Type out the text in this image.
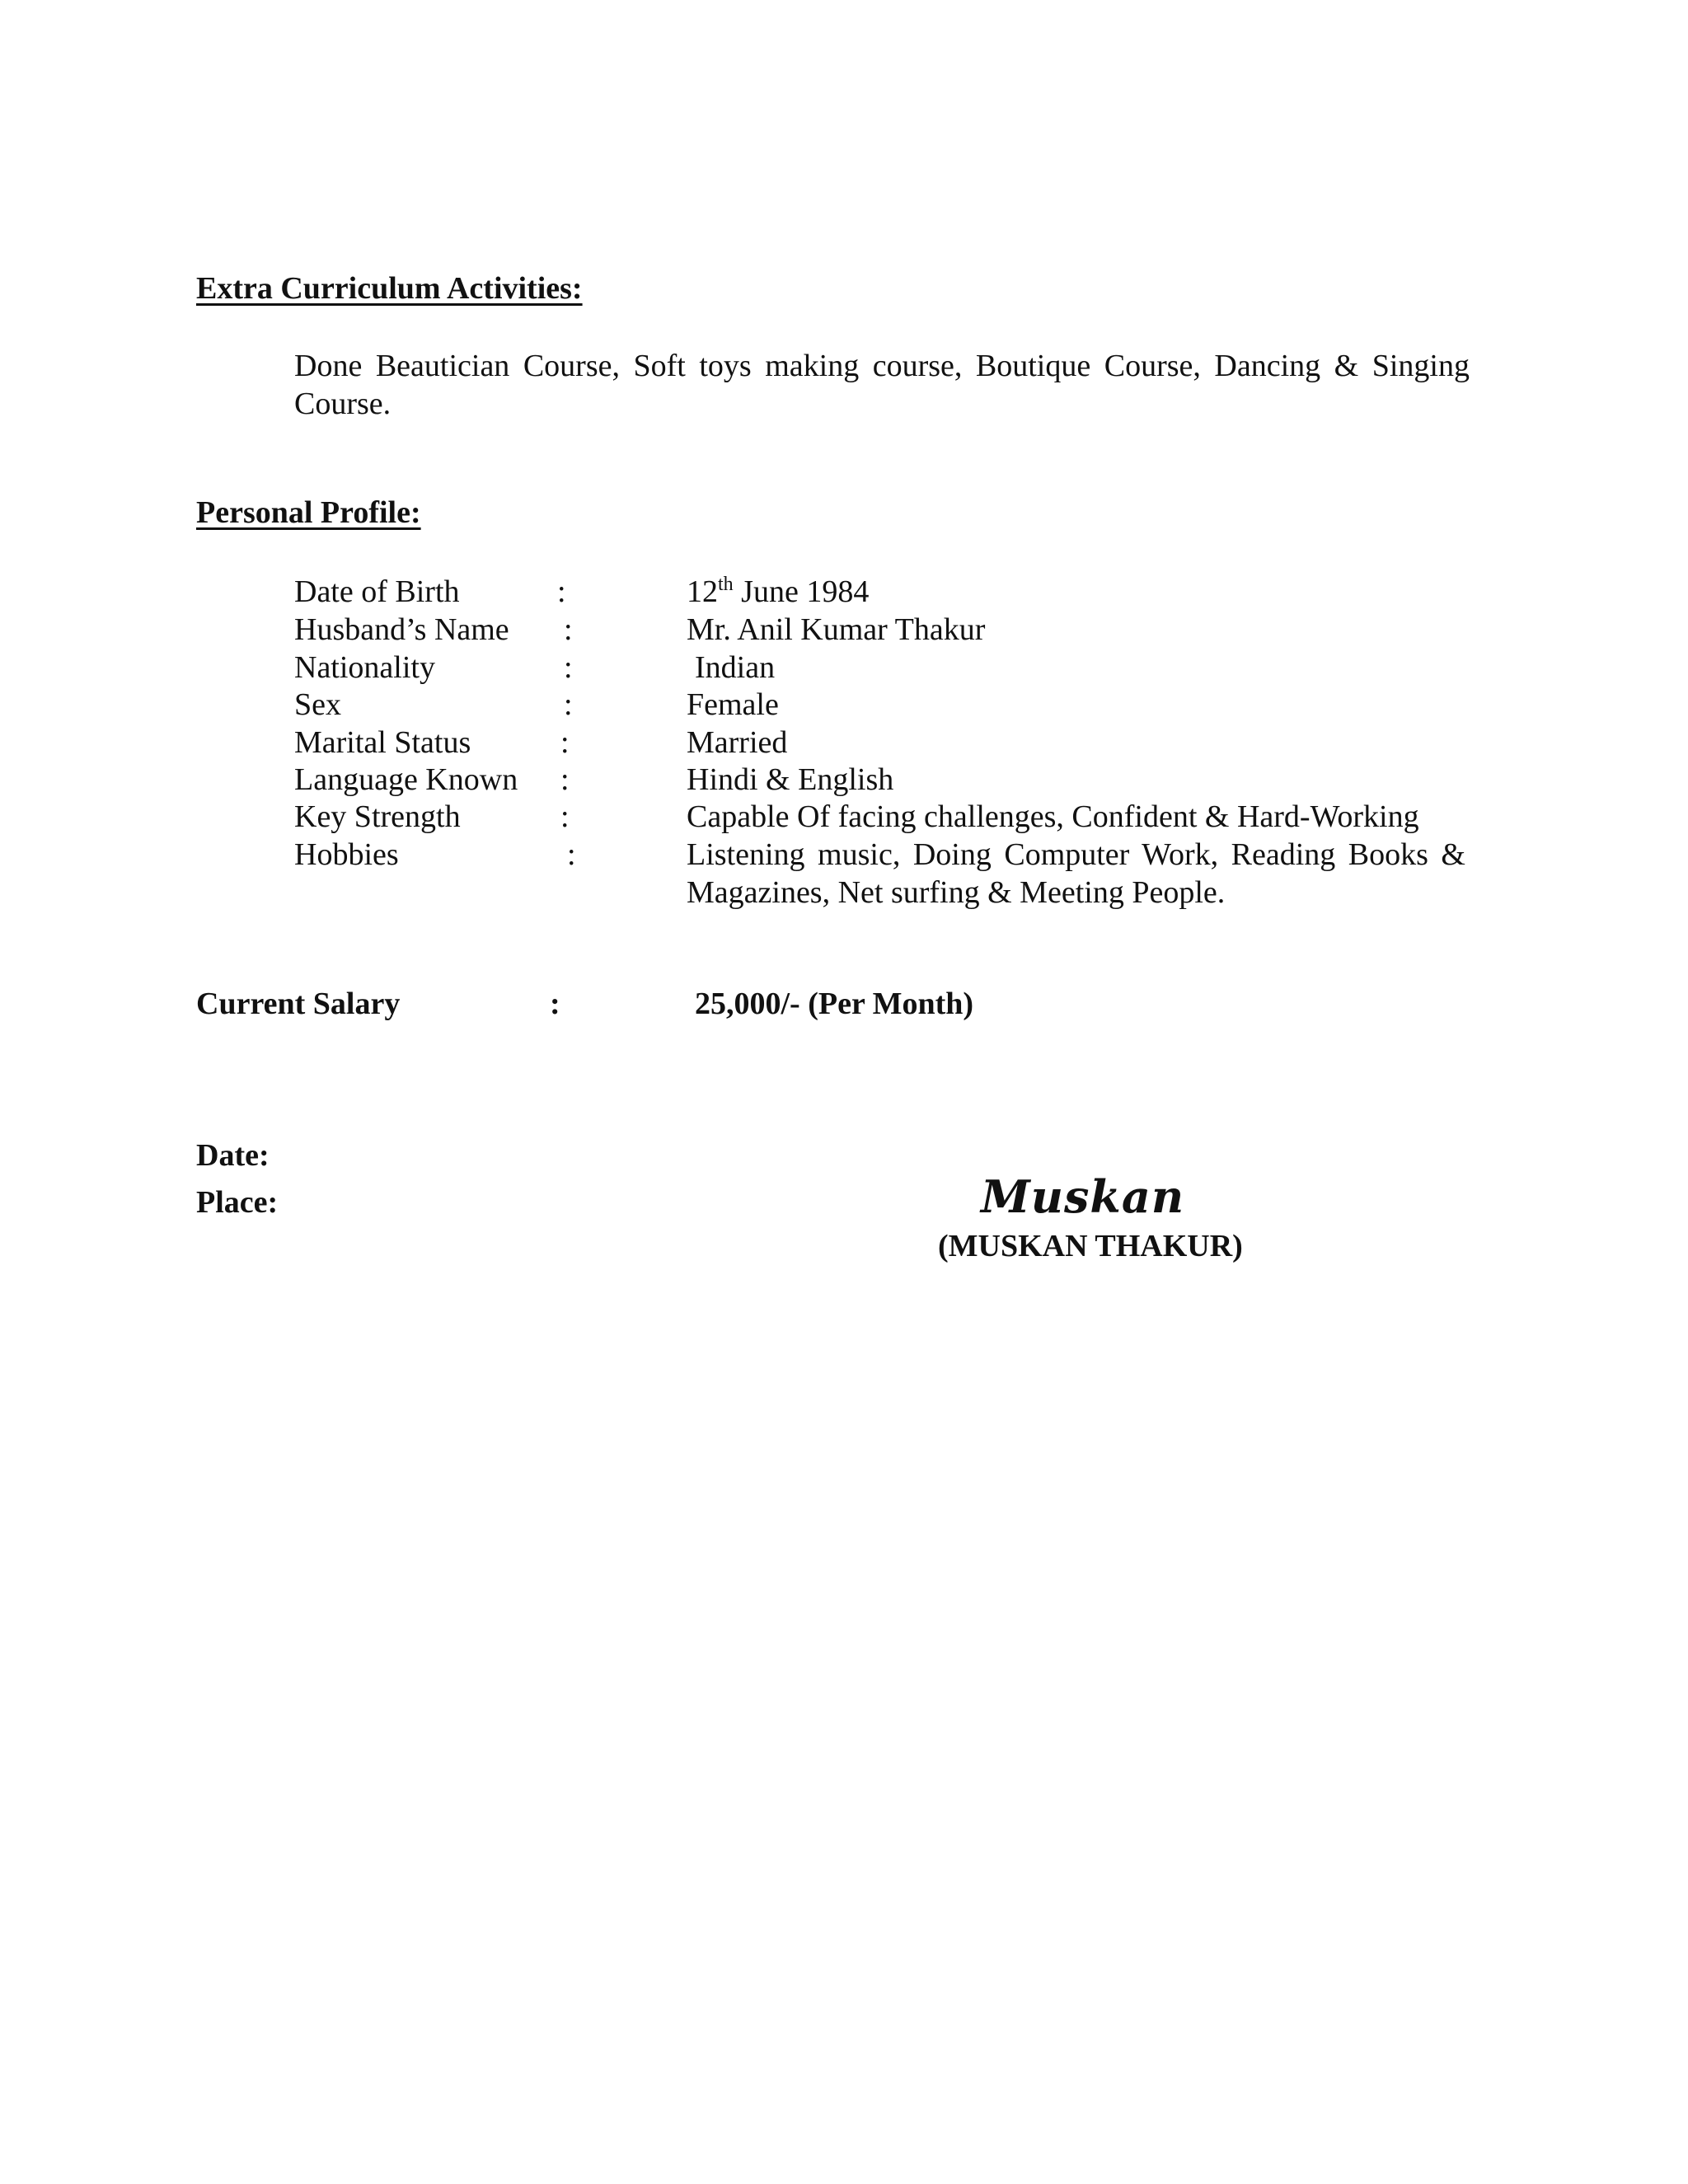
Extra Curriculum Activities:
Done Beautician Course, Soft toys making course, Boutique Course, Dancing & Singing Course.
Personal Profile:
Date of Birth	:	12th June 1984
Husband’s Name :	Mr. Anil Kumar Thakur
Nationality	:	Indian
Sex	:	Female
Marital Status	:	Married
Language Known :	Hindi & English
Key Strength	:	Capable Of facing challenges, Confident & Hard-Working
Hobbies	:	Listening music, Doing Computer Work, Reading Books & Magazines, Net surfing & Meeting People.
Current Salary	:	25,000/- (Per Month)
Date:
Place:	Muskan
(MUSKAN THAKUR)
